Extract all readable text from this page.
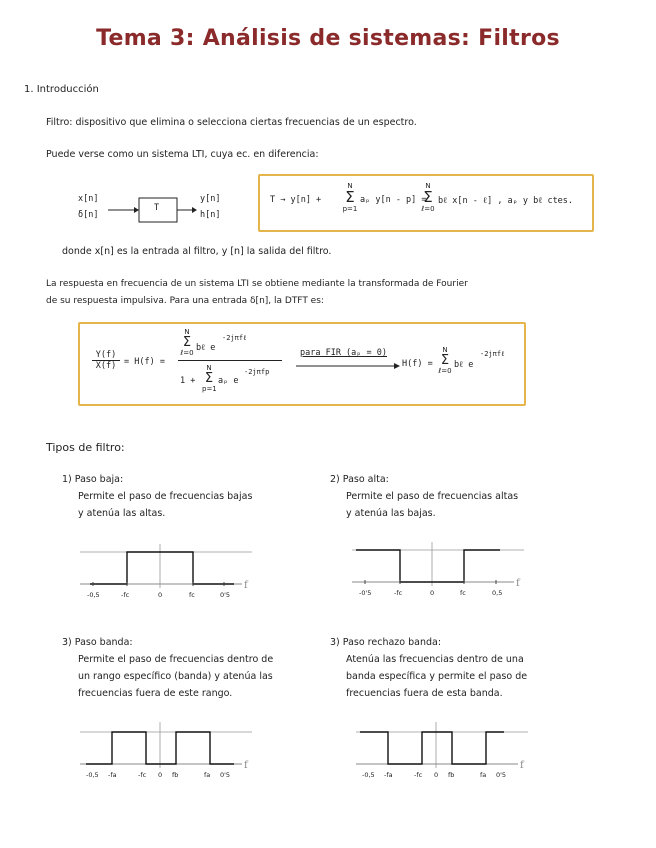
Tema 3: Análisis de sistemas: Filtros
1. Introducción
Filtro: dispositivo que elimina o selecciona ciertas frecuencias de un espectro.
Puede verse como un sistema LTI, cuya ec. en diferencia:
x[n]
δ[n]
T
y[n]
h[n]
T → y[n] +
N
Σ
p=1
aₚ y[n - p] =
N
Σ
ℓ=0
bℓ x[n - ℓ] , aₚ y bℓ ctes.
donde x[n] es la entrada al filtro, y [n] la salida del filtro.
La respuesta en frecuencia de un sistema LTI se obtiene mediante la transformada de Fourier
de su respuesta impulsiva. Para una entrada δ[n], la DTFT es:
$\frac{Y(f)}{X(f)} = H(f)$ =
N
Σ
ℓ=0 bℓ e
-2jπfℓ
1 +
N
Σ
p=1
aₚ e
-2jπfp
para FIR (aₚ = 0)
H(f) =
N
Σ
ℓ=0
bℓ e
-2jπfℓ
Tipos de filtro:
1) Paso baja:
Permite el paso de frecuencias bajas
y atenúa las altas.
f
-0,5	-fc	0	fc	0'5
2) Paso alta:
Permite el paso de frecuencias altas
y atenúa las bajas.
f
-0'5	-fc	0	fc	0,5
3) Paso banda:
Permite el paso de frecuencias dentro de
un rango específico (banda) y atenúa las
frecuencias fuera de este rango.
f
-0,5 -fa	-fc 0 fb	fa 0'5
3) Paso rechazo banda:
Atenúa las frecuencias dentro de una
banda específica y permite el paso de
frecuencias fuera de esta banda.
f
-0,5 -fa	-fc 0 fb	fa 0'5
